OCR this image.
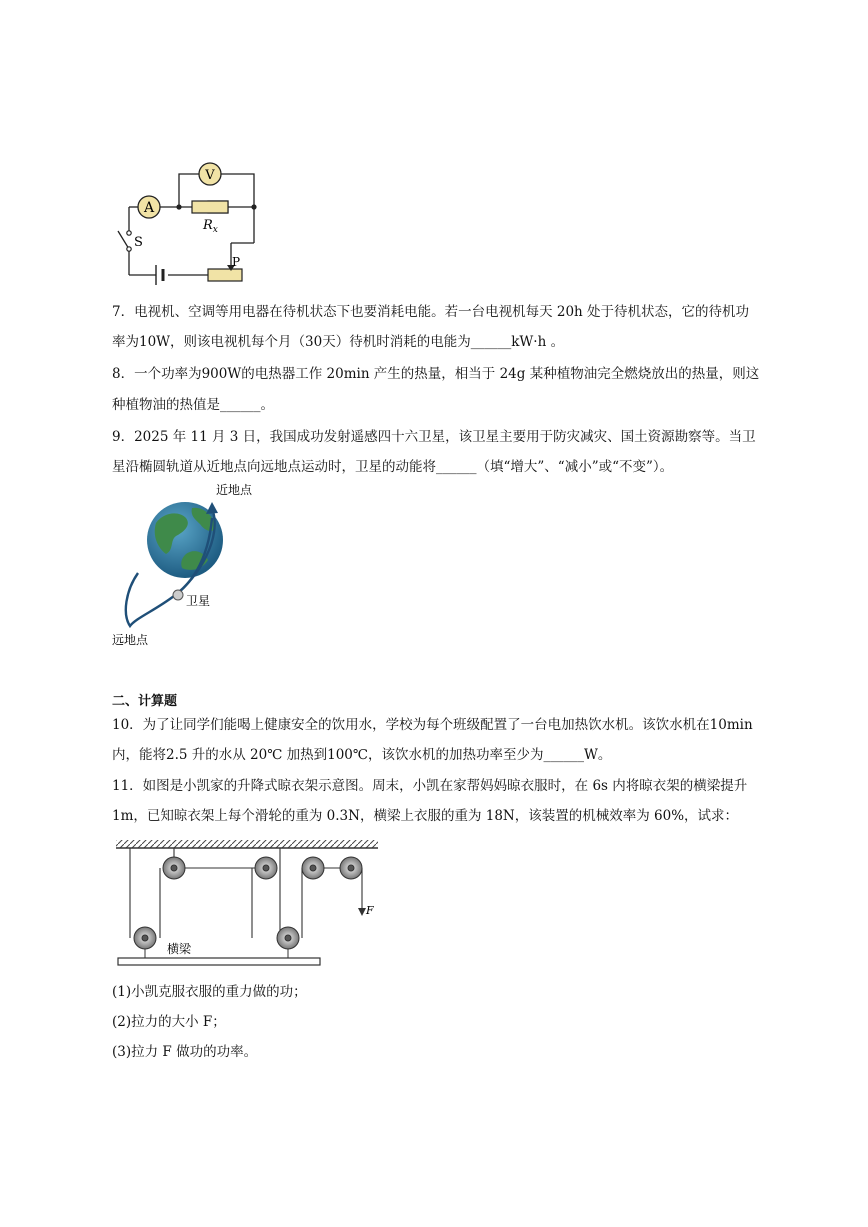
A
V
$R_x$
S
P
7．电视机、空调等用电器在待机状态下也要消耗电能。若一台电视机每天 20h 处于待机状态，它的待机功
率为10W，则该电视机每个月（30天）待机时消耗的电能为______kW·h 。
8．一个功率为900W的电热器工作 20min 产生的热量，相当于 24g 某种植物油完全燃烧放出的热量，则这
种植物油的热值是______。
9．2025 年 11 月 3 日，我国成功发射遥感四十六卫星，该卫星主要用于防灾减灾、国土资源勘察等。当卫
星沿椭圆轨道从近地点向远地点运动时，卫星的动能将______（填“增大”、“减小”或“不变”）。
近地点
卫星
远地点
二、计算题
10．为了让同学们能喝上健康安全的饮用水，学校为每个班级配置了一台电加热饮水机。该饮水机在10min
内，能将2.5 升的水从 20℃ 加热到100℃，该饮水机的加热功率至少为______W。
11．如图是小凯家的升降式晾衣架示意图。周末，小凯在家帮妈妈晾衣服时，在 6s 内将晾衣架的横梁提升
1m，已知晾衣架上每个滑轮的重为 0.3N，横梁上衣服的重为 18N，该装置的机械效率为 60%，试求：
F
横梁
(1)小凯克服衣服的重力做的功；
(2)拉力的大小 F；
(3)拉力 F 做功的功率。
